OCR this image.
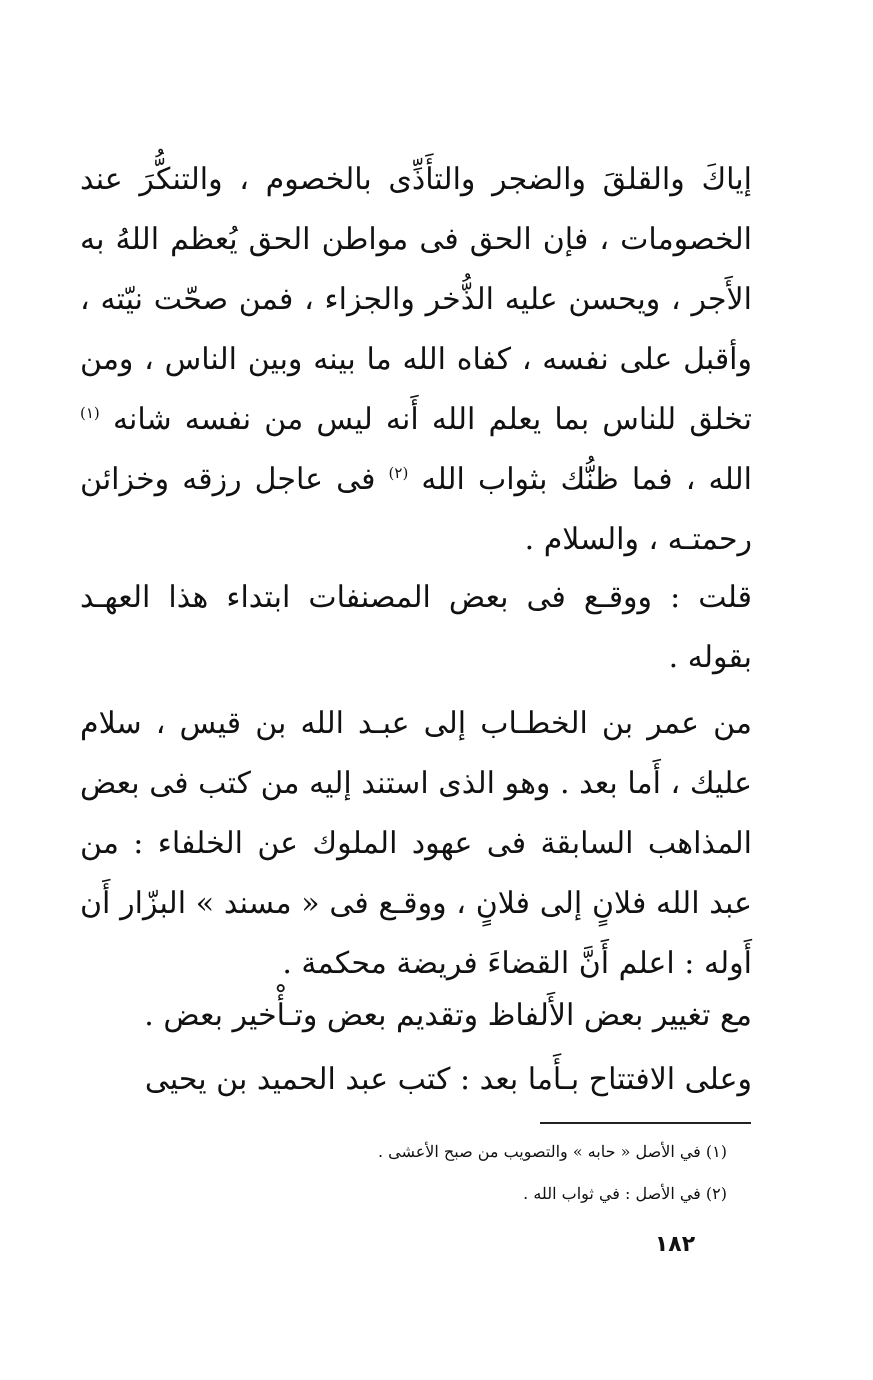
إياكَ والقلقَ والضجر والتأَذِّى بالخصوم ، والتنكُّرَ عند الخصومات ، فإن الحق فى مواطن الحق يُعظم اللهُ به الأَجر ، ويحسن عليه الذُّخر والجزاء ، فمن صحّت نيّته ، وأقبل على نفسه ، كفاه الله ما بينه وبين الناس ، ومن تخلق للناس بما يعلم الله أَنه ليس من نفسه شانه $^{(١)}$ الله ، فما ظنُّك بثواب الله $^{(٢)}$ فى عاجل رزقه وخزائن رحمتـه ، والسلام .

قلت : ووقـع فى بعض المصنفات ابتداء هذا العهـد بقوله .

من عمر بن الخطـاب إلى عبـد الله بن قيس ، سلام عليك ، أَما بعد . وهو الذى استند إليه من كتب فى بعض المذاهب السابقة فى عهود الملوك عن الخلفاء : من عبد الله فلانٍ إلى فلانٍ ، ووقـع فى « مسند » البزّار أَن أَوله : اعلم أَنَّ القضاءَ فريضة محكمة .

مع تغيير بعض الأَلفاظ وتقديم بعض وتـأْخير بعض .

وعلى الافتتاح بـأَما بعد : كتب عبد الحميد بن يحيى

(١) في الأصل « حابه » والتصويب من صبح الأعشى .

(٢) في الأصل : في ثواب الله .

١٨٢
